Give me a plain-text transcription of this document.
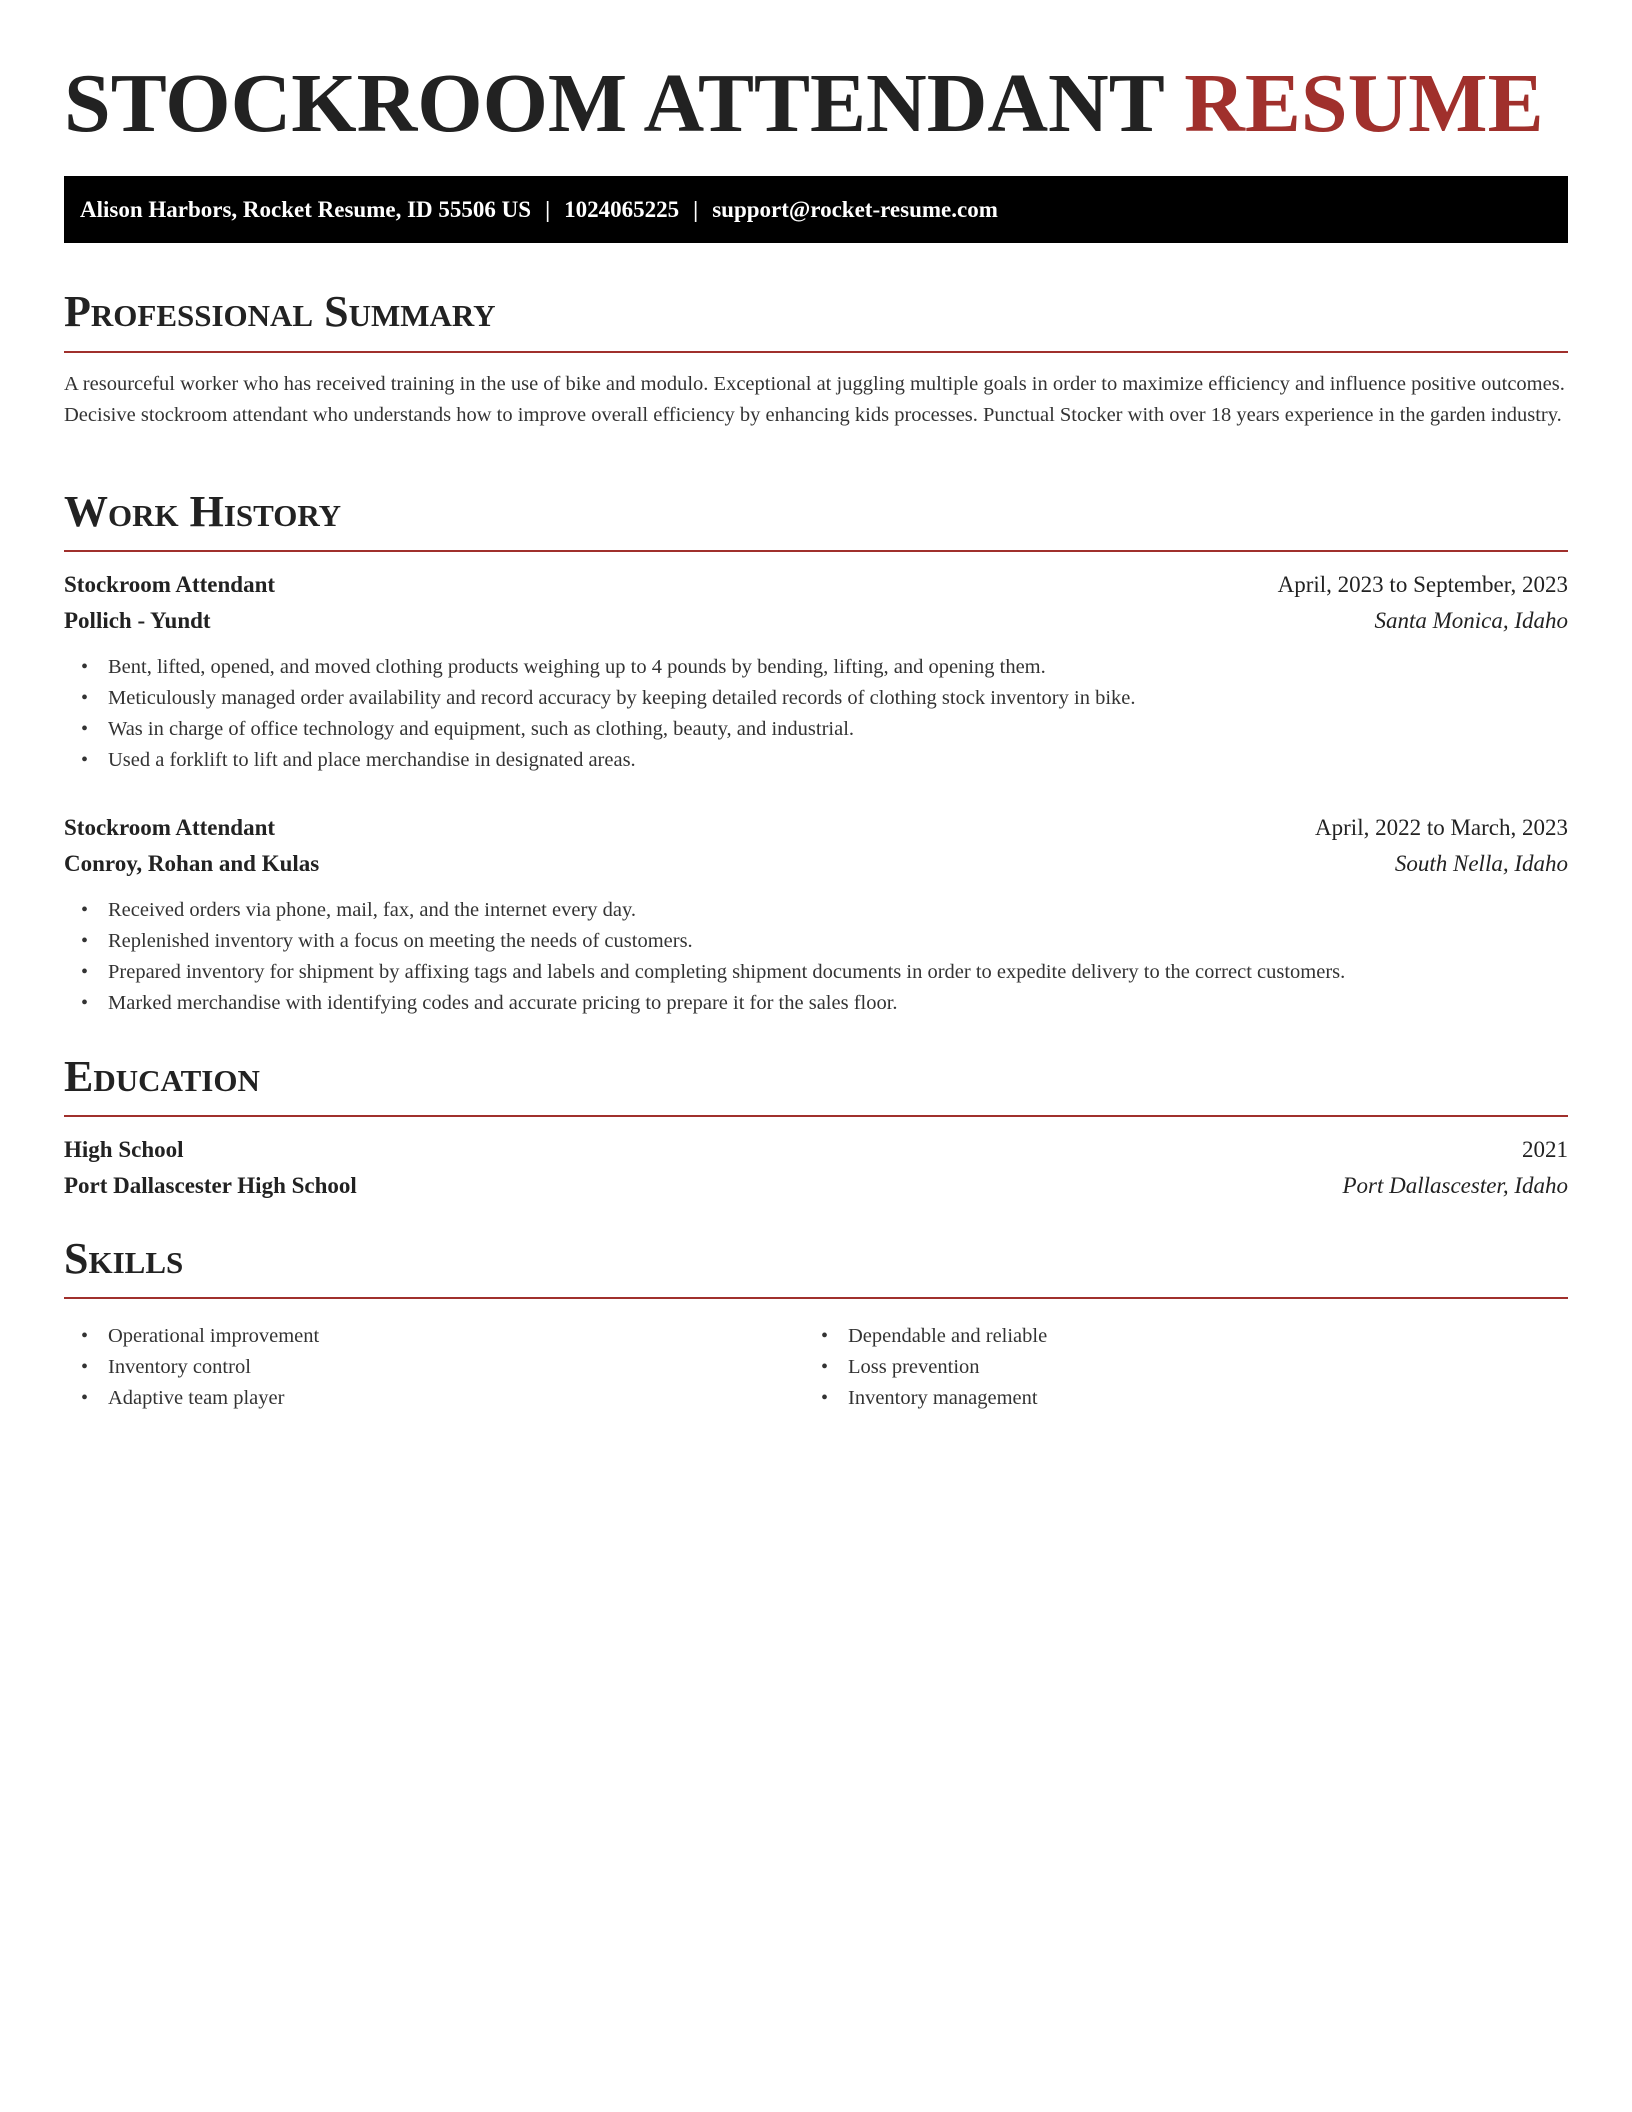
STOCKROOM ATTENDANT RESUME
Alison Harbors, Rocket Resume, ID 55506 US | 1024065225 | support@rocket-resume.com
Professional Summary

A resourceful worker who has received training in the use of bike and modulo. Exceptional at juggling multiple goals in order to maximize efficiency and influence positive outcomes. Decisive stockroom attendant who understands how to improve overall efficiency by enhancing kids processes. Punctual Stocker with over 18 years experience in the garden industry.

Work History
Stockroom Attendant	April, 2023 to September, 2023
Pollich - Yundt	Santa Monica, Idaho
• Bent, lifted, opened, and moved clothing products weighing up to 4 pounds by bending, lifting, and opening them.
• Meticulously managed order availability and record accuracy by keeping detailed records of clothing stock inventory in bike.
• Was in charge of office technology and equipment, such as clothing, beauty, and industrial.
• Used a forklift to lift and place merchandise in designated areas.
Stockroom Attendant	April, 2022 to March, 2023
Conroy, Rohan and Kulas	South Nella, Idaho
• Received orders via phone, mail, fax, and the internet every day.
• Replenished inventory with a focus on meeting the needs of customers.
• Prepared inventory for shipment by affixing tags and labels and completing shipment documents in order to expedite delivery to the correct customers.
• Marked merchandise with identifying codes and accurate pricing to prepare it for the sales floor.
Education
High School	2021
Port Dallascester High School	Port Dallascester, Idaho
Skills
• Operational improvement
• Inventory control
• Adaptive team player
• Dependable and reliable
• Loss prevention
• Inventory management
